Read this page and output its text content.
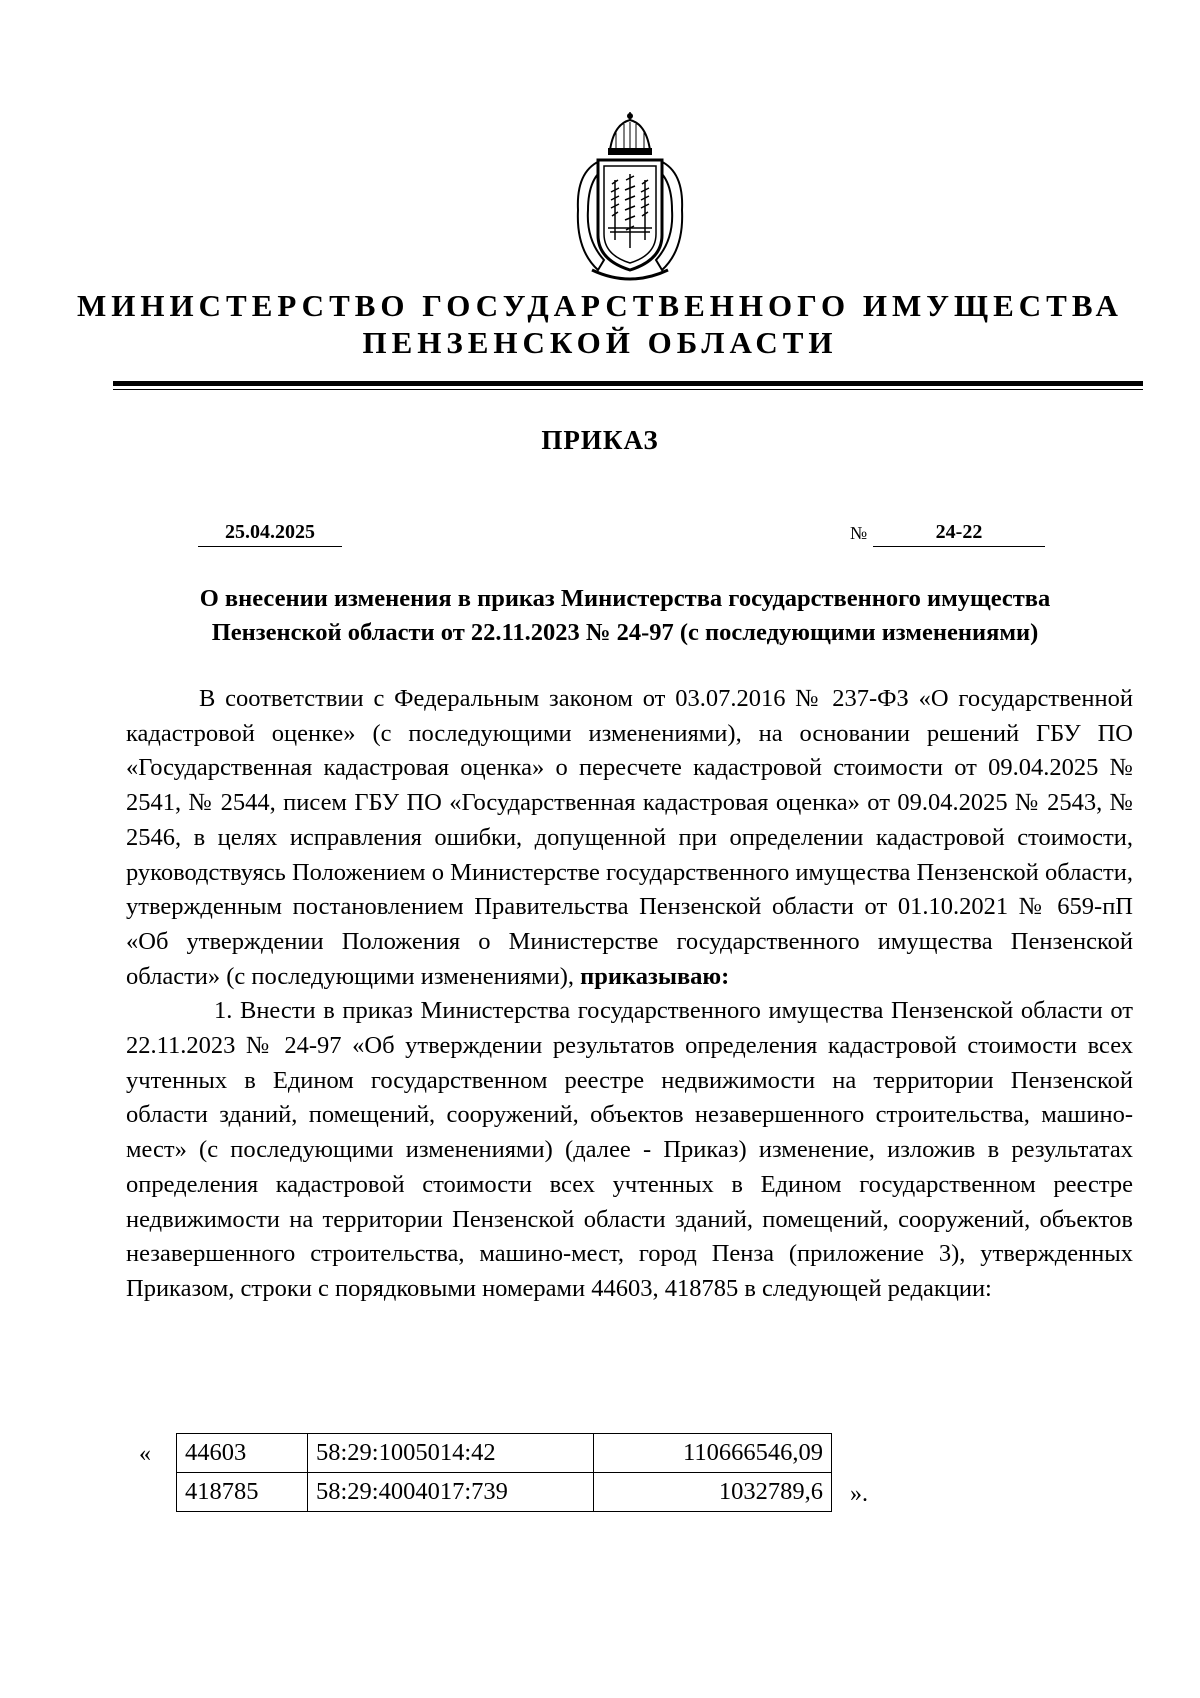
МИНИСТЕРСТВО ГОСУДАРСТВЕННОГО ИМУЩЕСТВА
ПЕНЗЕНСКОЙ ОБЛАСТИ
ПРИКАЗ
25.04.2025	№	24-22
О внесении изменения в приказ Министерства государственного имущества
Пензенской области от 22.11.2023 № 24-97 (с последующими изменениями)

В соответствии с Федеральным законом от 03.07.2016 № 237-ФЗ «О государственной кадастровой оценке» (с последующими изменениями), на основании решений ГБУ ПО «Государственная кадастровая оценка» о пересчете кадастровой стоимости от 09.04.2025 № 2541, № 2544, писем ГБУ ПО «Государственная кадастровая оценка» от 09.04.2025 № 2543, № 2546, в целях исправления ошибки, допущенной при определении кадастровой стоимости, руководствуясь Положением о Министерстве государственного имущества Пензенской области, утвержденным постановлением Правительства Пензенской области от 01.10.2021 № 659-пП «Об утверждении Положения о Министерстве государственного имущества Пензенской области» (с последующими изменениями), приказываю:

1. Внести в приказ Министерства государственного имущества Пензенской области от 22.11.2023 № 24-97 «Об утверждении результатов определения кадастровой стоимости всех учтенных в Едином государственном реестре недвижимости на территории Пензенской области зданий, помещений, сооружений, объектов незавершенного строительства, машино-мест» (с последующими изменениями) (далее - Приказ) изменение, изложив в результатах определения кадастровой стоимости всех учтенных в Едином государственном реестре недвижимости на территории Пензенской области зданий, помещений, сооружений, объектов незавершенного строительства, машино-мест, город Пенза (приложение 3), утвержденных Приказом, строки с порядковыми номерами 44603, 418785 в следующей редакции:

« 44603	58:29:1005014:42	110666546,09
418785	58:29:4004017:739	1032789,6 ».
